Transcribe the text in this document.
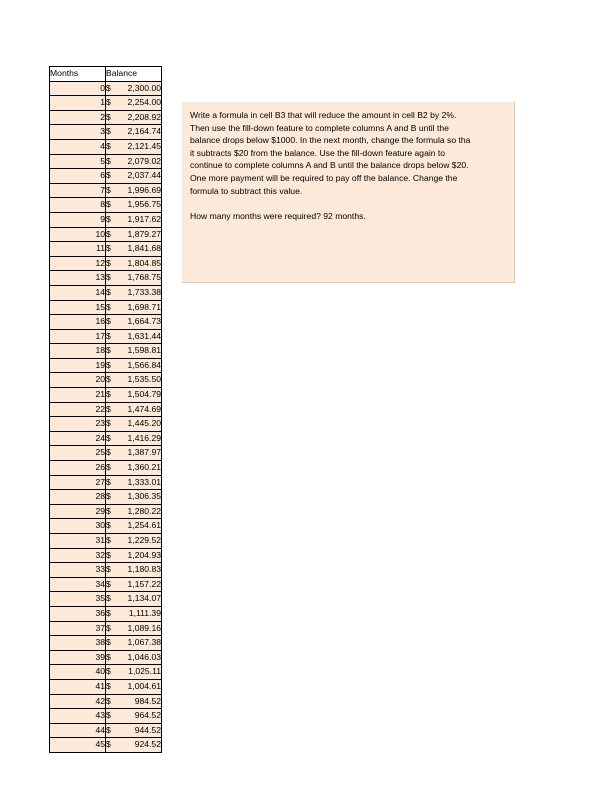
Months	Balance
0	$ 2,300.00

1	$ 2,254.00

2	$ 2,208.92

3	$ 2,164.74

4	$ 2,121.45

5	$ 2,079.02

6	$ 2,037.44

7	$ 1,996.69

8	$ 1,956.75

9	$ 1,917.62

10	$ 1,879.27

11	$ 1,841.68

12	$ 1,804.85

13	$ 1,768.75

14	$ 1,733.38

15	$ 1,698.71

16	$ 1,664.73

17	$ 1,631.44

18	$ 1,598.81

19	$ 1,566.84

20	$ 1,535.50

21	$ 1,504.79

22	$ 1,474.69

23	$ 1,445.20

24	$ 1,416.29

25	$ 1,387.97

26	$ 1,360.21

27	$ 1,333.01

28	$ 1,306.35

29	$ 1,280.22

30	$ 1,254.61

31	$ 1,229.52

32	$ 1,204.93

33	$ 1,180.83

34	$ 1,157.22

35	$ 1,134.07

36	$ 1,111.39

37	$ 1,089.16

38	$ 1,067.38

39	$ 1,046.03

40	$ 1,025.11

41	$ 1,004.61

42	$ 984.52

43	$ 964.52

44	$ 944.52

45	$ 924.52
Write a formula in cell B3 that will reduce the amount in cell B2 by 2%.
Then use the fill-down feature to complete columns A and B until the
balance drops below $1000. In the next month, change the formula so tha
it subtracts $20 from the balance. Use the fill-down feature again to
continue to complete columns A and B until the balance drops below $20.
One more payment will be required to pay off the balance. Change the
formula to subtract this value.
How many months were required? 92 months.
